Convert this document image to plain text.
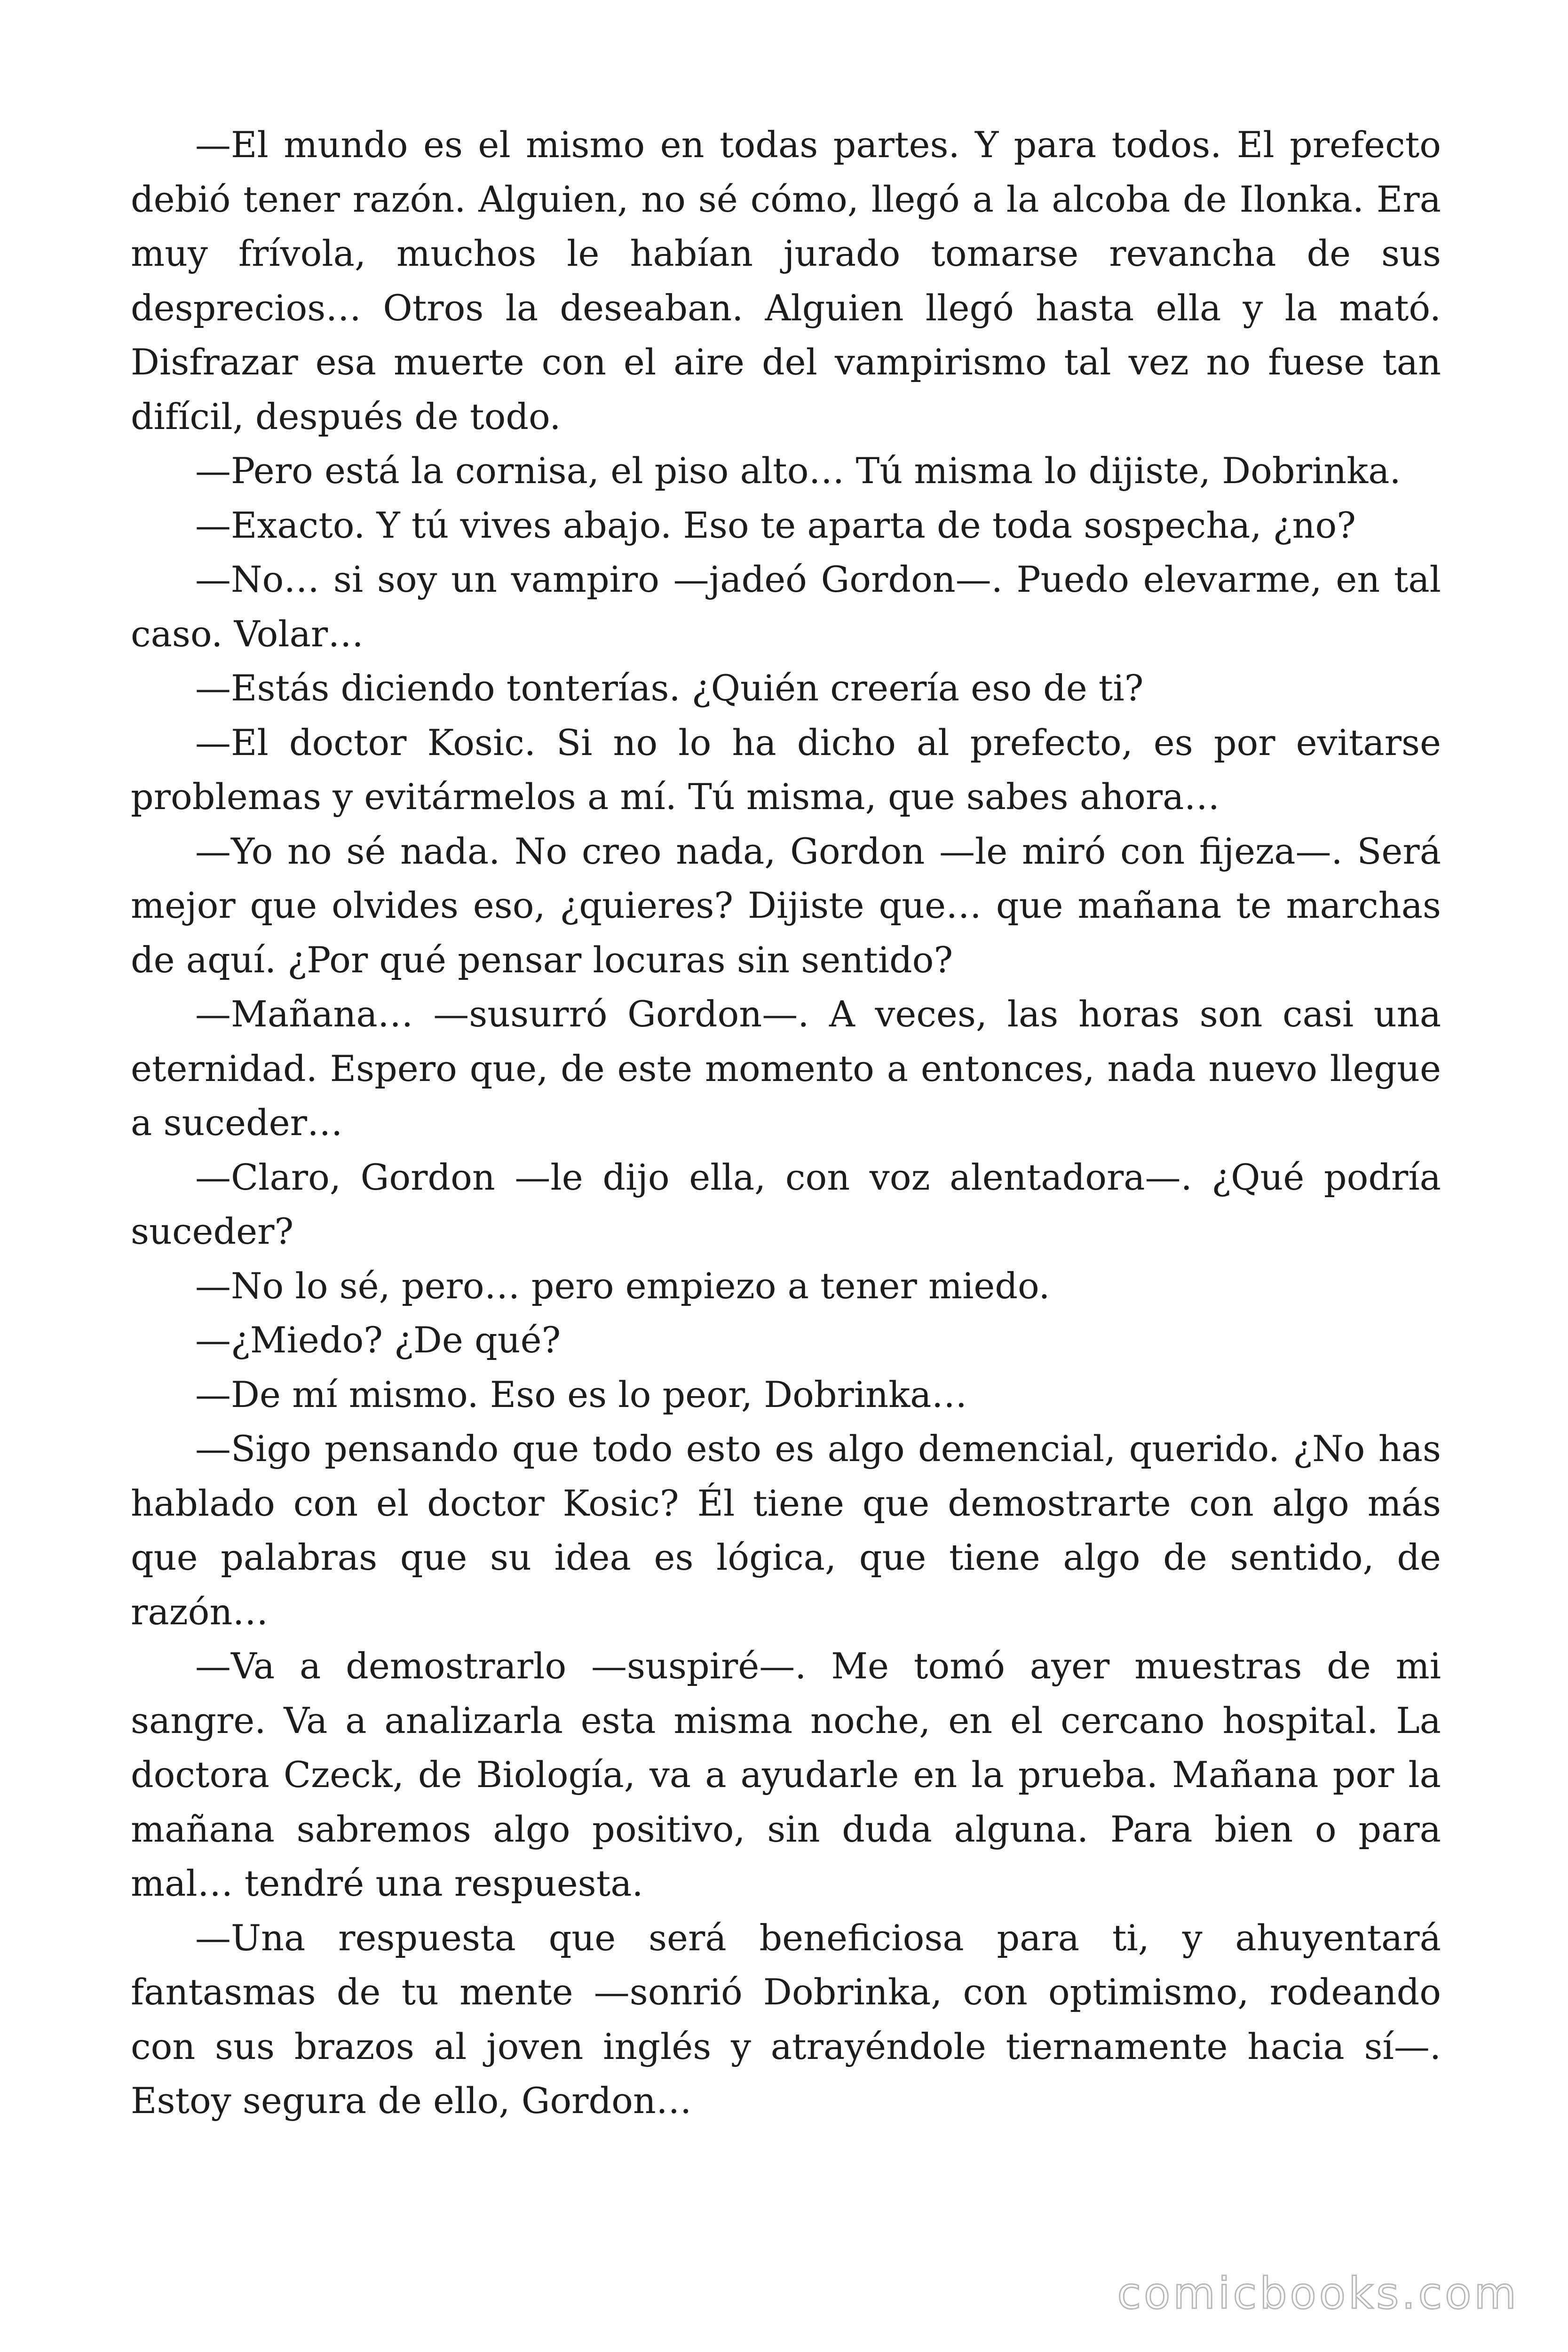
—El mundo es el mismo en todas partes. Y para todos. El prefecto debió tener razón. Alguien, no sé cómo, llegó a la alcoba de Ilonka. Era muy frívola, muchos le habían jurado tomarse revancha de sus desprecios… Otros la deseaban. Alguien llegó hasta ella y la mató. Disfrazar esa muerte con el aire del vampirismo tal vez no fuese tan difícil, después de todo.

—Pero está la cornisa, el piso alto… Tú misma lo dijiste, Dobrinka.

—Exacto. Y tú vives abajo. Eso te aparta de toda sospecha, ¿no?

—No… si soy un vampiro —jadeó Gordon—. Puedo elevarme, en tal caso. Volar…

—Estás diciendo tonterías. ¿Quién creería eso de ti?

—El doctor Kosic. Si no lo ha dicho al prefecto, es por evitarse problemas y evitármelos a mí. Tú misma, que sabes ahora…

—Yo no sé nada. No creo nada, Gordon —le miró con fijeza—. Será mejor que olvides eso, ¿quieres? Dijiste que… que mañana te marchas de aquí. ¿Por qué pensar locuras sin sentido?

—Mañana… —susurró Gordon—. A veces, las horas son casi una eternidad. Espero que, de este momento a entonces, nada nuevo llegue a suceder…

—Claro, Gordon —le dijo ella, con voz alentadora—. ¿Qué podría suceder?

—No lo sé, pero… pero empiezo a tener miedo.

—¿Miedo? ¿De qué?

—De mí mismo. Eso es lo peor, Dobrinka…

—Sigo pensando que todo esto es algo demencial, querido. ¿No has hablado con el doctor Kosic? Él tiene que demostrarte con algo más que palabras que su idea es lógica, que tiene algo de sentido, de razón…

—Va a demostrarlo —suspiré—. Me tomó ayer muestras de mi sangre. Va a analizarla esta misma noche, en el cercano hospital. La doctora Czeck, de Biología, va a ayudarle en la prueba. Mañana por la mañana sabremos algo positivo, sin duda alguna. Para bien o para mal… tendré una respuesta.

—Una respuesta que será beneficiosa para ti, y ahuyentará fantasmas de tu mente —sonrió Dobrinka, con optimismo, rodeando con sus brazos al joven inglés y atrayéndole tiernamente hacia sí—. Estoy segura de ello, Gordon…

comicbooks.com
